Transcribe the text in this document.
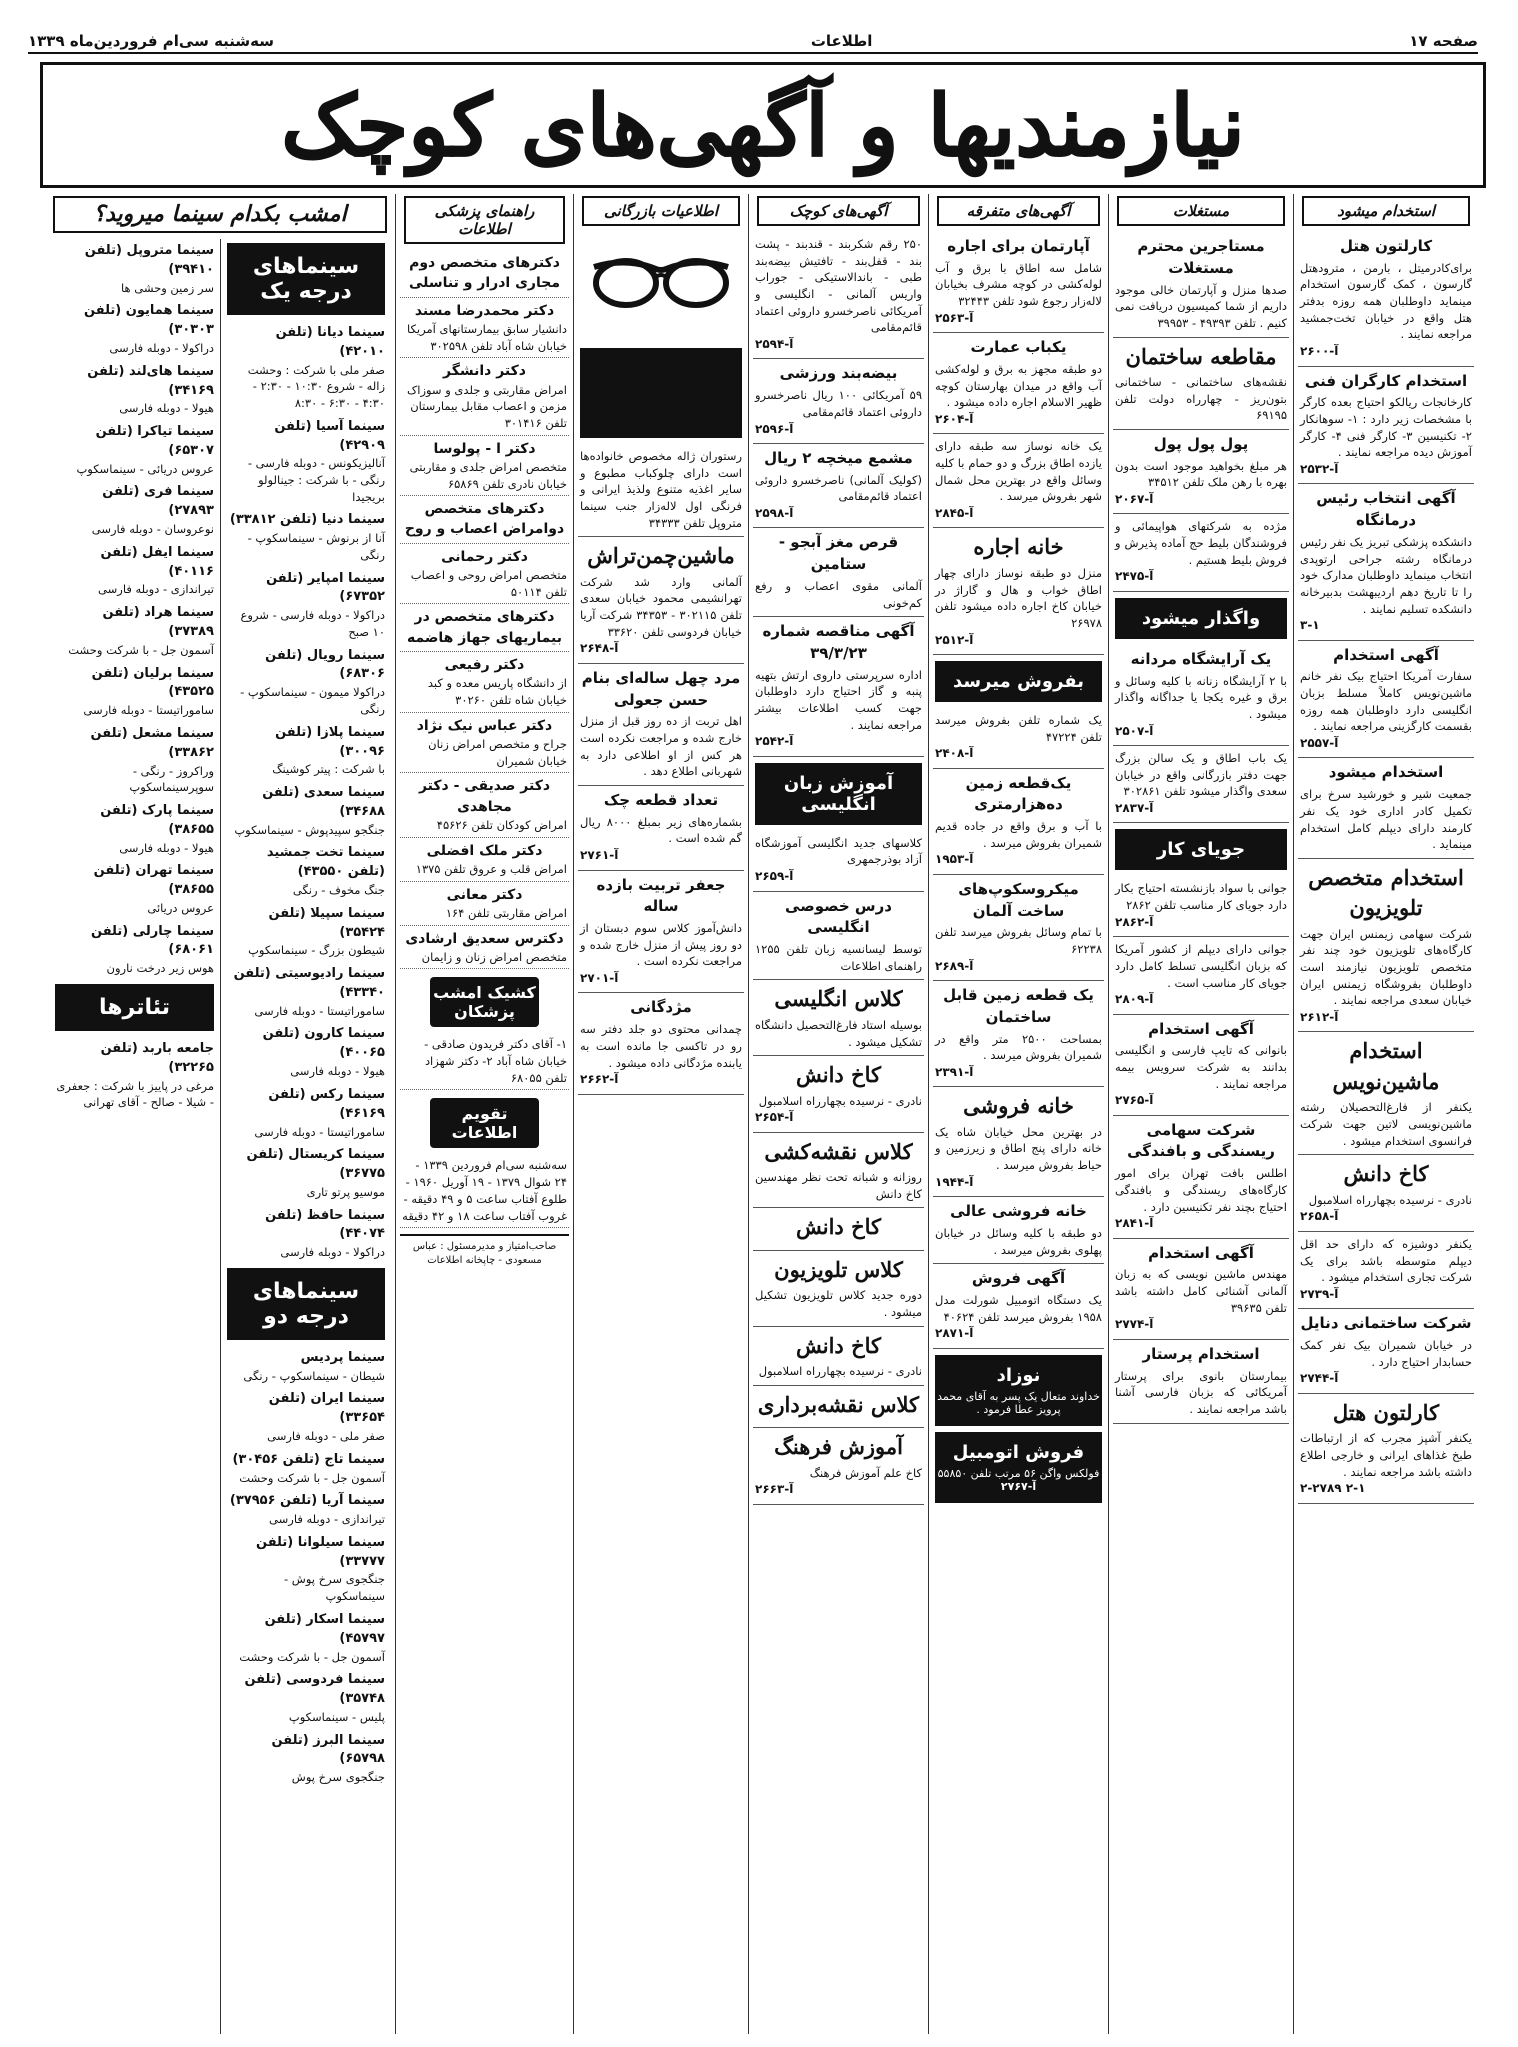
صفحه ۱۷
اطلاعات
سه‌شنبه سی‌ام فروردین‌ماه ۱۳۳۹
نیازمندیها و آگهی‌های کوچک
استخدام میشود
کارلتون هتل
برای‌کادرمیتل ، بارمن ، مترودهتل گارسون ، کمک گارسون استخدام مینماید داوطلبان همه روزه بدفتر هتل واقع در خیابان تخت‌جمشید مراجعه نمایند .
آ-۲۶۰۰
استخدام کارگران فنی
کارخانجات ریالکو احتیاج بعده کارگر با مشخصات زیر دارد : ۱- سوهانکار ۲- تکنیسین ۳- کارگر فنی ۴- کارگر آموزش دیده مراجعه نمایند .
آ-۲۵۳۲
آگهی انتخاب رئیس درمانگاه
دانشکده پزشکی تبریز یک نفر رئیس درمانگاه رشته جراحی ارتوپدی انتخاب مینماید داوطلبان مدارک خود را تا تاریخ دهم اردیبهشت بدبیرخانه دانشکده تسلیم نمایند .
۳-۱
آگهی استخدام
سفارت آمریکا احتیاج بیک نفر خانم ماشین‌نویس کاملاً مسلط بزبان انگلیسی دارد داوطلبان همه روزه بقسمت کارگزینی مراجعه نمایند .
آ-۲۵۵۷
استخدام میشود
جمعیت شیر و خورشید سرخ برای تکمیل کادر اداری خود یک نفر کارمند دارای دیپلم کامل استخدام مینماید .
استخدام متخصص تلویزیون
شرکت سهامی زیمنس ایران جهت کارگاه‌های تلویزیون خود چند نفر متخصص تلویزیون نیازمند است داوطلبان بفروشگاه زیمنس ایران خیابان سعدی مراجعه نمایند .
آ-۲۶۱۲
استخدام ماشین‌نویس
یکنفر از فارغ‌التحصیلان رشته ماشین‌نویسی لاتین جهت شرکت فرانسوی استخدام میشود .
کاخ دانش
نادری - نرسیده بچهارراه اسلامبول
آ-۲۶۵۸
یکنفر دوشیزه که دارای حد اقل دیپلم متوسطه باشد برای یک شرکت تجاری استخدام میشود .
آ-۲۷۳۹
شرکت ساختمانی دنایل
در خیابان شمیران بیک نفر کمک حسابدار احتیاج دارد .
آ-۲۷۴۴
کارلتون هتل
یکنفر آشپز مجرب که از ارتباطات طبخ غذاهای ایرانی و خارجی اطلاع داشته باشد مراجعه نمایند .
۲-۱ ۲-۲۷۸۹
مستغلات
مستاجرین محترم مستغلات
صدها منزل و آپارتمان خالی موجود داریم از شما کمیسیون دریافت نمی کنیم . تلفن ۴۹۳۹۳ - ۳۹۹۵۳
مقاطعه ساختمان
نقشه‌های ساختمانی - ساختمانی بتون‌ریز - چهارراه دولت تلفن ۶۹۱۹۵
پول پول پول
هر مبلغ بخواهید موجود است بدون بهره با رهن ملک تلفن ۳۴۵۱۲
آ-۲۰۶۷
مژده به شرکتهای هواپیمائی و فروشندگان بلیط حج آماده پذیرش و فروش بلیط هستیم .
آ-۲۴۷۵
واگذار میشود
یک آرایشگاه مردانه
با ۲ آرایشگاه زنانه با کلیه وسائل و برق و غیره یکجا یا جداگانه واگذار میشود .
آ-۲۵۰۷
یک باب اطاق و یک سالن بزرگ جهت دفتر بازرگانی واقع در خیابان سعدی واگذار میشود تلفن ۳۰۲۸۶۱
آ-۲۸۳۷
جویای کار
جوانی با سواد بازنشسته احتیاج بکار دارد جویای کار مناسب تلفن ۲۸۶۲
آ-۲۸۶۲
جوانی دارای دیپلم از کشور آمریکا که بزبان انگلیسی تسلط کامل دارد جویای کار مناسب است .
آ-۲۸۰۹
آگهی استخدام
بانوانی که تایپ فارسی و انگلیسی بدانند به شرکت سرویس بیمه مراجعه نمایند .
آ-۲۷۶۵
شرکت سهامی ریسندگی و بافندگی
اطلس بافت تهران برای امور کارگاه‌های ریسندگی و بافندگی احتیاج بچند نفر تکنیسین دارد .
آ-۲۸۴۱
آگهی استخدام
مهندس ماشین نویسی که به زبان آلمانی آشنائی کامل داشته باشد تلفن ۳۹۶۳۵
آ-۲۷۷۴
استخدام پرستار
بیمارستان بانوی برای پرستار آمریکائی که بزبان فارسی آشنا باشد مراجعه نمایند .
آگهی‌های متفرقه
آپارتمان برای اجاره
شامل سه اطاق با برق و آب لوله‌کشی در کوچه مشرف بخیابان لاله‌زار رجوع شود تلفن ۳۲۴۴۳
آ-۲۵۶۳
یکباب عمارت
دو طبقه مجهز به برق و لوله‌کشی آب واقع در میدان بهارستان کوچه ظهیر الاسلام اجاره داده میشود .
آ-۲۶۰۴
یک خانه نوساز سه طبقه دارای یازده اطاق بزرگ و دو حمام با کلیه وسائل واقع در بهترین محل شمال شهر بفروش میرسد .
آ-۲۸۴۵
خانه اجاره
منزل دو طبقه نوساز دارای چهار اطاق خواب و هال و گاراژ در خیابان کاخ اجاره داده میشود تلفن ۲۶۹۷۸
آ-۲۵۱۲
بفروش میرسد
یک شماره تلفن بفروش میرسد تلفن ۴۷۲۲۴
آ-۲۴۰۸
یک‌قطعه زمین ده‌هزارمتری
با آب و برق واقع در جاده قدیم شمیران بفروش میرسد .
آ-۱۹۵۳
میکروسکوپ‌های ساخت آلمان
با تمام وسائل بفروش میرسد تلفن ۶۲۲۳۸
آ-۲۶۸۹
یک قطعه زمین قابل ساختمان
بمساحت ۲۵۰۰ متر واقع در شمیران بفروش میرسد .
آ-۲۳۹۱
خانه فروشی
در بهترین محل خیابان شاه یک خانه دارای پنج اطاق و زیرزمین و حیاط بفروش میرسد .
آ-۱۹۴۴
خانه فروشی عالی
دو طبقه با کلیه وسائل در خیابان پهلوی بفروش میرسد .
آگهی فروش
یک دستگاه اتومبیل شورلت مدل ۱۹۵۸ بفروش میرسد تلفن ۴۰۶۲۴
آ-۲۸۷۱
نوزاد
خداوند متعال یک پسر به آقای محمد پرویز عطا فرمود .
فروش اتومبیل
فولکس واگن ۵۶ مرتب تلفن ۵۵۸۵۰
آ-۲۷۶۷
آگهی‌های کوچک
۲۵۰ رقم شکربند - قندبند - پشت بند - قفل‌بند - تافتیش بیضه‌بند طبی - باندالاستیکی - جوراب واریس آلمانی - انگلیسی و آمریکائی ناصرخسرو داروئی اعتماد قائم‌مقامی
آ-۲۵۹۴
بیضه‌بند ورزشی
۵۹ آمریکائی ۱۰۰ ریال ناصرخسرو داروئی اعتماد قائم‌مقامی
آ-۲۵۹۶
مشمع میخچه ۲ ریال
(کولیک آلمانی) ناصرخسرو داروئی اعتماد قائم‌مقامی
آ-۲۵۹۸
قرص مغز آبجو - ستامین
آلمانی مقوی اعصاب و رفع کم‌خونی
آگهی مناقصه شماره ۳۹/۳/۲۳
اداره سرپرستی داروی ارتش بتهیه پنبه و گاز احتیاج دارد داوطلبان جهت کسب اطلاعات بیشتر مراجعه نمایند .
آ-۲۵۴۲
آموزش زبان انگلیسی
کلاسهای جدید انگلیسی آموزشگاه آزاد بوذرجمهری
آ-۲۶۵۹
درس خصوصی انگلیسی
توسط لیسانسیه زبان تلفن ۱۲۵۵ راهنمای اطلاعات
کلاس انگلیسی
بوسیله استاد فارغ‌التحصیل دانشگاه تشکیل میشود .
کاخ دانش
نادری - نرسیده بچهارراه اسلامبول
آ-۲۶۵۴
کلاس نقشه‌کشی
روزانه و شبانه تحت نظر مهندسین کاخ دانش
کاخ دانش
کلاس تلویزیون
دوره جدید کلاس تلویزیون تشکیل میشود .
کاخ دانش
نادری - نرسیده بچهارراه اسلامبول
کلاس نقشه‌برداری
آموزش فرهنگ
کاخ علم آموزش فرهنگ
آ-۲۶۶۳
اطلاعیات بازرگانی
رستوران ژاله مخصوص خانواده‌ها است دارای چلوکباب مطبوع و سایر اغذیه متنوع ولذیذ ایرانی و فرنگی اول لاله‌زار جنب سینما متروپل تلفن ۳۴۳۳۳
ماشین‌چمن‌تراش
آلمانی وارد شد شرکت تهرانشیمی محمود خیابان سعدی تلفن ۳۰۲۱۱۵ - ۳۴۳۵۳ شرکت آریا خیابان فردوسی تلفن ۳۳۶۲۰
آ-۲۶۴۸
مرد چهل ساله‌ای بنام حسن جعولی
اهل تربت از ده روز قبل از منزل خارج شده و مراجعت نکرده است هر کس از او اطلاعی دارد به شهربانی اطلاع دهد .
تعداد قطعه چک
بشماره‌های زیر بمبلغ ۸۰۰۰ ریال گم شده است .
آ-۲۷۶۱
جعفر تربیت بازده ساله
دانش‌آموز کلاس سوم دبستان از دو روز پیش از منزل خارج شده و مراجعت نکرده است .
آ-۲۷۰۱
مژدگانی
چمدانی محتوی دو جلد دفتر سه رو در تاکسی جا مانده است به یابنده مژدگانی داده میشود .
آ-۲۶۶۲
راهنمای پزشکی اطلاعات
دکترهای متخصص دوم مجاری ادرار و تناسلی
دکتر محمدرضا مسند
دانشیار سابق بیمارستانهای آمریکا خیابان شاه آباد تلفن ۳۰۲۵۹۸
دکتر دانشگر
امراض مقاربتی و جلدی و سوزاک مزمن و اعصاب مقابل بیمارستان تلفن ۳۰۱۴۱۶
دکتر ا - پولوسا
متخصص امراض جلدی و مقاربتی خیابان نادری تلفن ۶۵۸۶۹
دکترهای متخصص دوامراض اعصاب و روح
دکتر رحمانی
متخصص امراض روحی و اعصاب تلفن ۵۰۱۱۴
دکترهای متخصص در بیماریهای جهاز هاضمه
دکتر رفیعی
از دانشگاه پاریس معده و کبد خیابان شاه تلفن ۳۰۲۶۰
دکتر عباس نیک نژاد
جراح و متخصص امراض زنان خیابان شمیران
دکتر صدیقی - دکتر مجاهدی
امراض کودکان تلفن ۴۵۶۲۶
دکتر ملک افضلی
امراض قلب و عروق تلفن ۱۳۷۵
دکتر معانی
امراض مقاربتی تلفن ۱۶۴
دکترس سعدیق ارشادی
متخصص امراض زنان و زایمان
کشیک امشب پزشکان
۱- آقای دکتر فریدون صادقی - خیابان شاه آباد ۲- دکتر شهزاد تلفن ۶۸۰۵۵
تقویم اطلاعات
سه‌شنبه سی‌ام فروردین ۱۳۳۹ - ۲۴ شوال ۱۳۷۹ - ۱۹ آوریل ۱۹۶۰ - طلوع آفتاب ساعت ۵ و ۴۹ دقیقه - غروب آفتاب ساعت ۱۸ و ۴۲ دقیقه
صاحب‌امتیاز و مدیرمسئول : عباس مسعودی - چاپخانه اطلاعات
امشب بکدام سینما میروید؟
سینماهای درجه یک
سینما دیانا (تلفن ۴۲۰۱۰)
صفر ملی با شرکت : وحشت زاله - شروع ۱۰:۳۰ - ۲:۳۰ - ۴:۳۰ - ۶:۳۰ - ۸:۳۰
سینما آسیا (تلفن ۴۲۹۰۹)
آنالیزیکونس - دوبله فارسی - رنگی - با شرکت : جینالولو بریجیدا
سینما دنیا (تلفن ۳۳۸۱۲)
آنا از برنوش - سینماسکوپ - رنگی
سینما امپایر (تلفن ۶۷۳۵۲)
دراکولا - دوبله فارسی - شروع ۱۰ صبح
سینما رویال (تلفن ۶۸۳۰۶)
دراکولا میمون - سینماسکوپ - رنگی
سینما پلازا (تلفن ۳۰۰۹۶)
با شرکت : پیتر کوشینگ
سینما سعدی (تلفن ۳۴۶۸۸)
جنگجو سپیدپوش - سینماسکوپ
سینما تخت جمشید (تلفن ۴۳۵۵۰)
جنگ مخوف - رنگی
سینما سپیلا (تلفن ۳۵۴۲۴)
شیطون بزرگ - سینماسکوپ
سینما رادیوسیتی (تلفن ۴۳۳۴۰)
ساموراتیستا - دوبله فارسی
سینما کارون (تلفن ۴۰۰۶۵)
هیولا - دوبله فارسی
سینما رکس (تلفن ۴۶۱۶۹)
ساموراتیستا - دوبله فارسی
سینما کریستال (تلفن ۳۶۷۷۵)
موسیو پرتو تاری
سینما حافظ (تلفن ۴۴۰۷۴)
دراکولا - دوبله فارسی
سینماهای درجه دو
سینما پردیس
شیطان - سینماسکوپ - رنگی
سینما ایران (تلفن ۳۳۶۵۴)
صفر ملی - دوبله فارسی
سینما تاج (تلفن ۳۰۴۵۶)
آسمون جل - با شرکت وحشت
سینما آریا (تلفن ۳۷۹۵۶)
تیراندازی - دوبله فارسی
سینما سیلوانا (تلفن ۳۳۷۷۷)
جنگجوی سرخ پوش - سینماسکوپ
سینما اسکار (تلفن ۴۵۷۹۷)
آسمون جل - با شرکت وحشت
سینما فردوسی (تلفن ۳۵۷۴۸)
پلیس - سینماسکوپ
سینما البرز (تلفن ۶۵۷۹۸)
جنگجوی سرخ پوش
سینما متروپل (تلفن ۳۹۴۱۰)
سر زمین وحشی ها
سینما همایون (تلفن ۳۰۳۰۳)
دراکولا - دوبله فارسی
سینما های‌لند (تلفن ۳۴۱۶۹)
هیولا - دوبله فارسی
سینما تیاکرا (تلفن ۶۵۳۰۷)
عروس دریائی - سینماسکوپ
سینما فری (تلفن ۲۷۸۹۳)
نوعروسان - دوبله فارسی
سینما ایفل (تلفن ۴۰۱۱۶)
تیراندازی - دوبله فارسی
سینما هراد (تلفن ۳۷۳۸۹)
آسمون جل - با شرکت وحشت
سینما برلیان (تلفن ۴۳۵۲۵)
ساموراتیستا - دوبله فارسی
سینما مشعل (تلفن ۳۳۸۶۲)
وراکروز - رنگی - سوپرسینماسکوپ
سینما پارک (تلفن ۳۸۶۵۵)
هیولا - دوبله فارسی
سینما تهران (تلفن ۳۸۶۵۵)
عروس دریائی
سینما چارلی (تلفن ۶۸۰۶۱)
هوس زیر درخت نارون
تئاترها
جامعه باربد (تلفن ۳۲۲۶۵)
مرغی در پاییز با شرکت : جعفری - شیلا - صالح - آقای تهرانی
